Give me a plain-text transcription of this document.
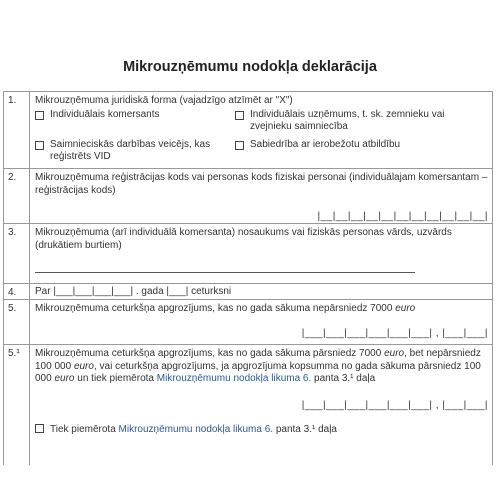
Mikrouzņēmumu nodokļa deklarācija
1.	Mikrouzņēmuma juridiskā forma (vajadzīgo atzīmēt ar "X")
Individuālais komersants	Individuālais uzņēmums, t. sk. zemnieku vai zvejnieku saimniecība
Saimnieciskās darbības veicējs, kas reģistrēts VID
Sabiedrība ar ierobežotu atbildību
2.	Mikrouzņēmuma reģistrācijas kods vai personas kods fiziskai personai (individuālajam komersantam – reģistrācijas kods)
|__|__|__|__|__|__|__|__|__|__|__|
3.	Mikrouzņēmuma (arī individuālā komersanta) nosaukums vai fiziskās personas vārds, uzvārds (drukātiem burtiem)
4.	Par |___|___|___|___| . gada |___| ceturksni
5.	Mikrouzņēmuma ceturkšņa apgrozījums, kas no gada sākuma nepārsniedz 7000 euro
|___|___|___|___|___|___| , |___|___|
5.¹	Mikrouzņēmuma ceturkšņa apgrozījums, kas no gada sākuma pārsniedz 7000 euro, bet nepārsniedz 100 000 euro, vai ceturkšņa apgrozījums, ja apgrozījuma kopsumma no gada sākuma pārsniedz 100 000 euro un tiek piemērota Mikrouzņēmumu nodokļa likuma 6. panta 3.¹ daļa
|___|___|___|___|___|___| , |___|___|
Tiek piemērota Mikrouzņēmumu nodokļa likuma 6. panta 3.¹ daļa
